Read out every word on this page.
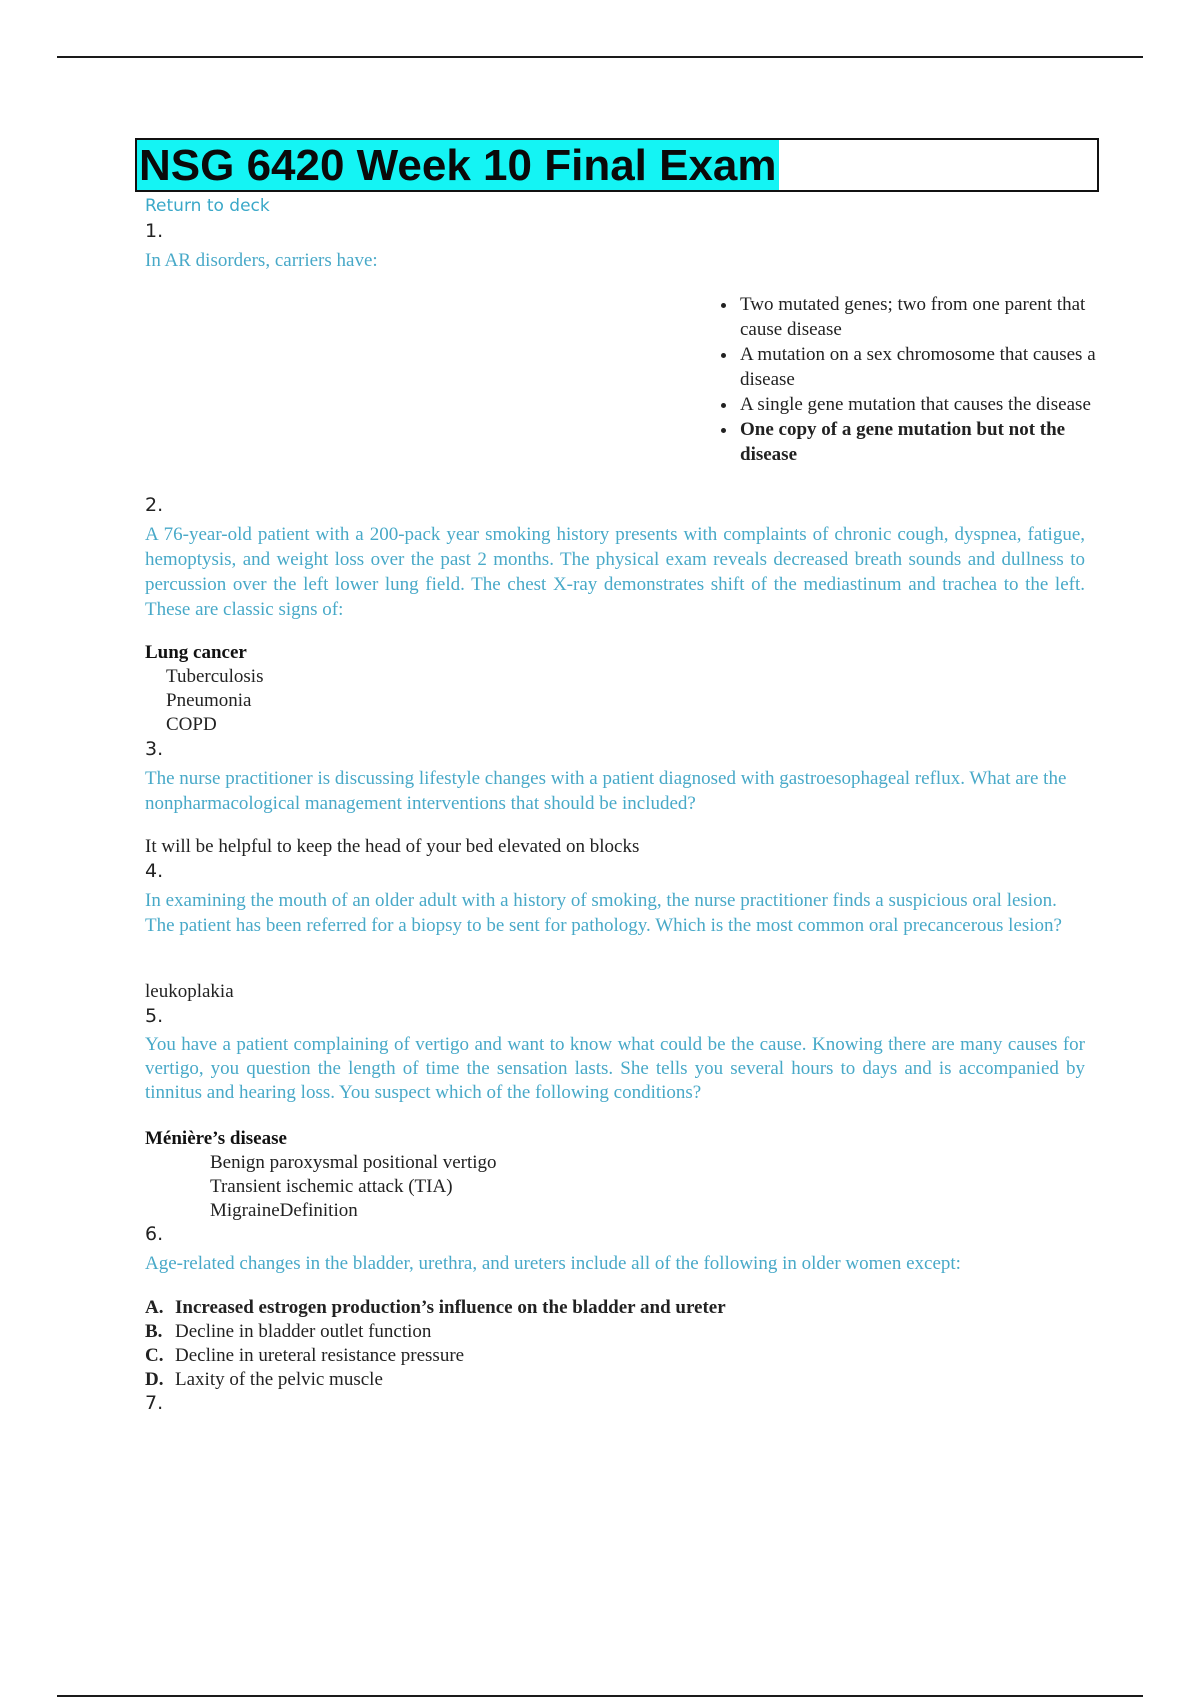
NSG 6420 Week 10 Final Exam
Return to deck
1.
In AR disorders, carriers have:
• Two mutated genes; two from one parent that cause disease
• A mutation on a sex chromosome that causes a disease
• A single gene mutation that causes the disease
• One copy of a gene mutation but not the disease
2.
A 76-year-old patient with a 200-pack year smoking history presents with complaints of chronic cough, dyspnea, fatigue, hemoptysis, and weight loss over the past 2 months. The physical exam reveals decreased breath sounds and dullness to percussion over the left lower lung field. The chest X-ray demonstrates shift of the mediastinum and trachea to the left. These are classic signs of:
Lung cancer
Tuberculosis
Pneumonia
COPD
3.
The nurse practitioner is discussing lifestyle changes with a patient diagnosed with gastroesophageal reflux. What are the nonpharmacological management interventions that should be included?
It will be helpful to keep the head of your bed elevated on blocks
4.
In examining the mouth of an older adult with a history of smoking, the nurse practitioner finds a suspicious oral lesion. The patient has been referred for a biopsy to be sent for pathology. Which is the most common oral precancerous lesion?
leukoplakia
5.
You have a patient complaining of vertigo and want to know what could be the cause. Knowing there are many causes for vertigo, you question the length of time the sensation lasts. She tells you several hours to days and is accompanied by tinnitus and hearing loss. You suspect which of the following conditions?
Ménière’s disease
Benign paroxysmal positional vertigo
Transient ischemic attack (TIA)
MigraineDefinition
6.
Age-related changes in the bladder, urethra, and ureters include all of the following in older women except:
A. Increased estrogen production’s influence on the bladder and ureter
B. Decline in bladder outlet function
C. Decline in ureteral resistance pressure
D. Laxity of the pelvic muscle
7.
